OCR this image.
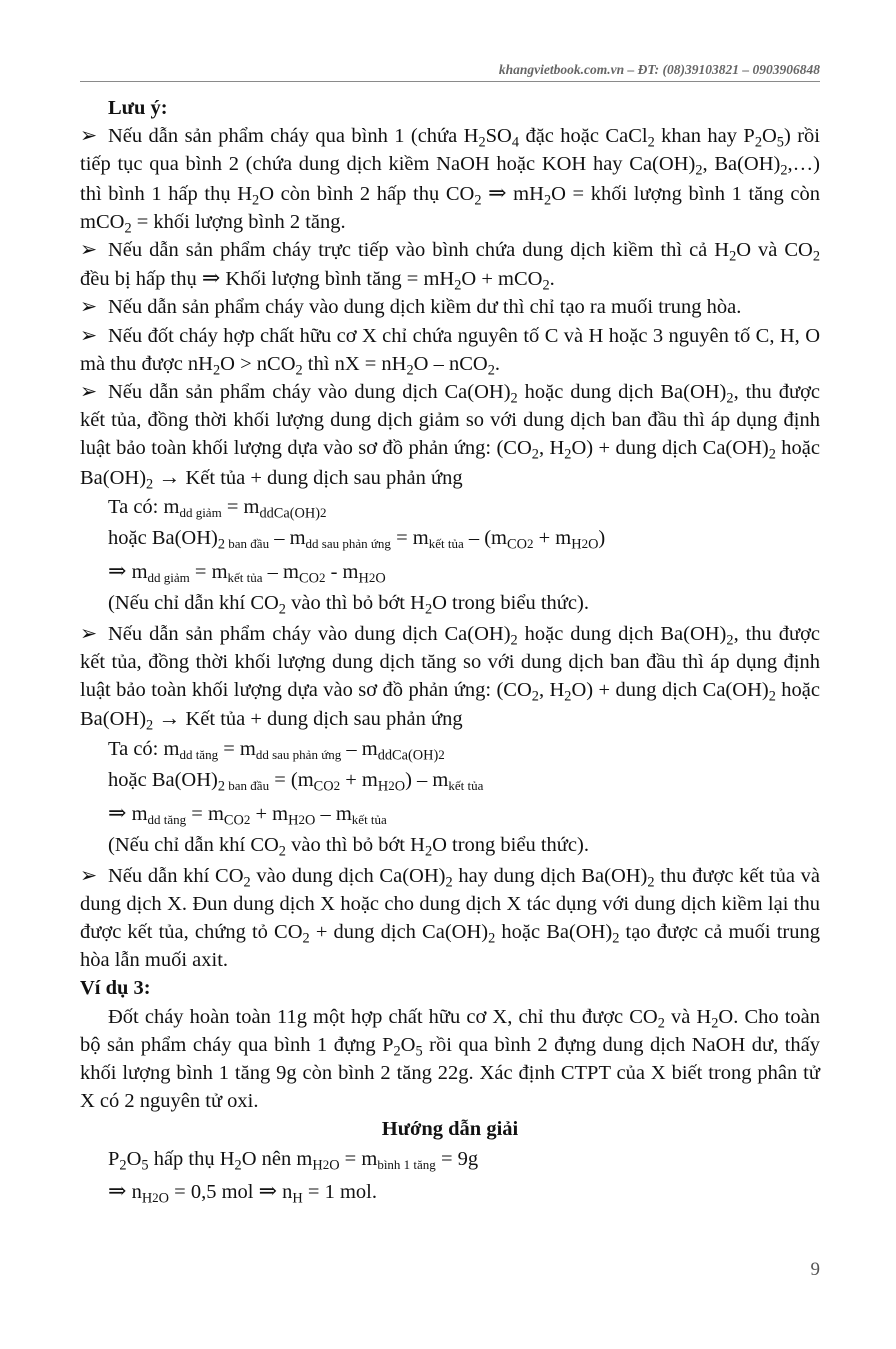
khangvietbook.com.vn – ĐT: (08)39103821 – 0903906848

Lưu ý:

➢ Nếu dẫn sản phẩm cháy qua bình 1 (chứa $H_2SO_4$ đặc hoặc CaCl$_2$ khan hay $P_2O_5$) rồi tiếp tục qua bình 2 (chứa dung dịch kiềm NaOH hoặc KOH hay $Ca(OH)_2$, $Ba(OH)_2,\dots$) thì bình 1 hấp thụ $H_2O$ còn bình 2 hấp thụ $CO_2$ ⇒ $mH_2O$ = khối lượng bình 1 tăng còn mCO$_2$ = khối lượng bình 2 tăng.

➢ Nếu dẫn sản phẩm cháy trực tiếp vào bình chứa dung dịch kiềm thì cả $H_2O$ và $CO_2$ đều bị hấp thụ ⇒ Khối lượng bình tăng = $mH_2O + mCO_2$.

➢ Nếu dẫn sản phẩm cháy vào dung dịch kiềm dư thì chỉ tạo ra muối trung hòa.

➢ Nếu đốt cháy hợp chất hữu cơ X chỉ chứa nguyên tố C và H hoặc 3 nguyên tố C, H, O mà thu được $nH_2O > nCO_2$ thì nX = $nH_2O - nCO_2$.

➢ Nếu dẫn sản phẩm cháy vào dung dịch $Ca(OH)_2$ hoặc dung dịch $Ba(OH)_2$, thu được kết tủa, đồng thời khối lượng dung dịch giảm so với dung dịch ban đầu thì áp dụng định luật bảo toàn khối lượng dựa vào sơ đồ phản ứng: ($CO_2$, $H_2O$) + dung dịch $Ca(OH)_2$ hoặc $Ba(OH)_2$ → Kết tủa + dung dịch sau phản ứng

Ta có: $m_{dd giảm} = m_{ddCa(OH)2}$

hoặc $Ba(OH)_2$ $_{ban đầu} - m_{dd sau phản ứng} = m_{kết tủa} - (m_{CO2} + m_{H2O})$

⇒ $m_{dd giảm} = m_{kết tủa} - m_{CO2} - m_{H2O}$

(Nếu chỉ dẫn khí $CO_2$ vào thì bỏ bớt $H_2O$ trong biểu thức).

➢ Nếu dẫn sản phẩm cháy vào dung dịch $Ca(OH)_2$ hoặc dung dịch $Ba(OH)_2$, thu được kết tủa, đồng thời khối lượng dung dịch tăng so với dung dịch ban đầu thì áp dụng định luật bảo toàn khối lượng dựa vào sơ đồ phản ứng: ($CO_2$, $H_2O$) + dung dịch $Ca(OH)_2$ hoặc $Ba(OH)_2$ → Kết tủa + dung dịch sau phản ứng

Ta có: $m_{dd tăng} = m_{dd sau phản ứng} - m_{ddCa(OH)2}$

hoặc $Ba(OH)_2$ $_{ban đầu} = (m_{CO2} + m_{H2O}) - m_{kết tủa}$

⇒ $m_{dd tăng} = m_{CO2} + m_{H2O} - m_{kết tủa}$

(Nếu chỉ dẫn khí $CO_2$ vào thì bỏ bớt $H_2O$ trong biểu thức).

➢ Nếu dẫn khí $CO_2$ vào dung dịch $Ca(OH)_2$ hay dung dịch $Ba(OH)_2$ thu được kết tủa và dung dịch X. Đun dung dịch X hoặc cho dung dịch X tác dụng với dung dịch kiềm lại thu được kết tủa, chứng tỏ $CO_2$ + dung dịch $Ca(OH)_2$ hoặc $Ba(OH)_2$ tạo được cả muối trung hòa lẫn muối axit.

Ví dụ 3:

Đốt cháy hoàn toàn 11g một hợp chất hữu cơ X, chỉ thu được $CO_2$ và $H_2O$. Cho toàn bộ sản phẩm cháy qua bình 1 đựng $P_2O_5$ rồi qua bình 2 đựng dung dịch NaOH dư, thấy khối lượng bình 1 tăng 9g còn bình 2 tăng 22g. Xác định CTPT của X biết trong phân tử X có 2 nguyên tử oxi.

Hướng dẫn giải

$P_2O_5$ hấp thụ $H_2O$ nên $m_{H2O} = m_{bình 1 tăng} = 9g$

⇒ $n_{H2O} = 0,5$ mol ⇒ $n_H = 1$ mol.

9
